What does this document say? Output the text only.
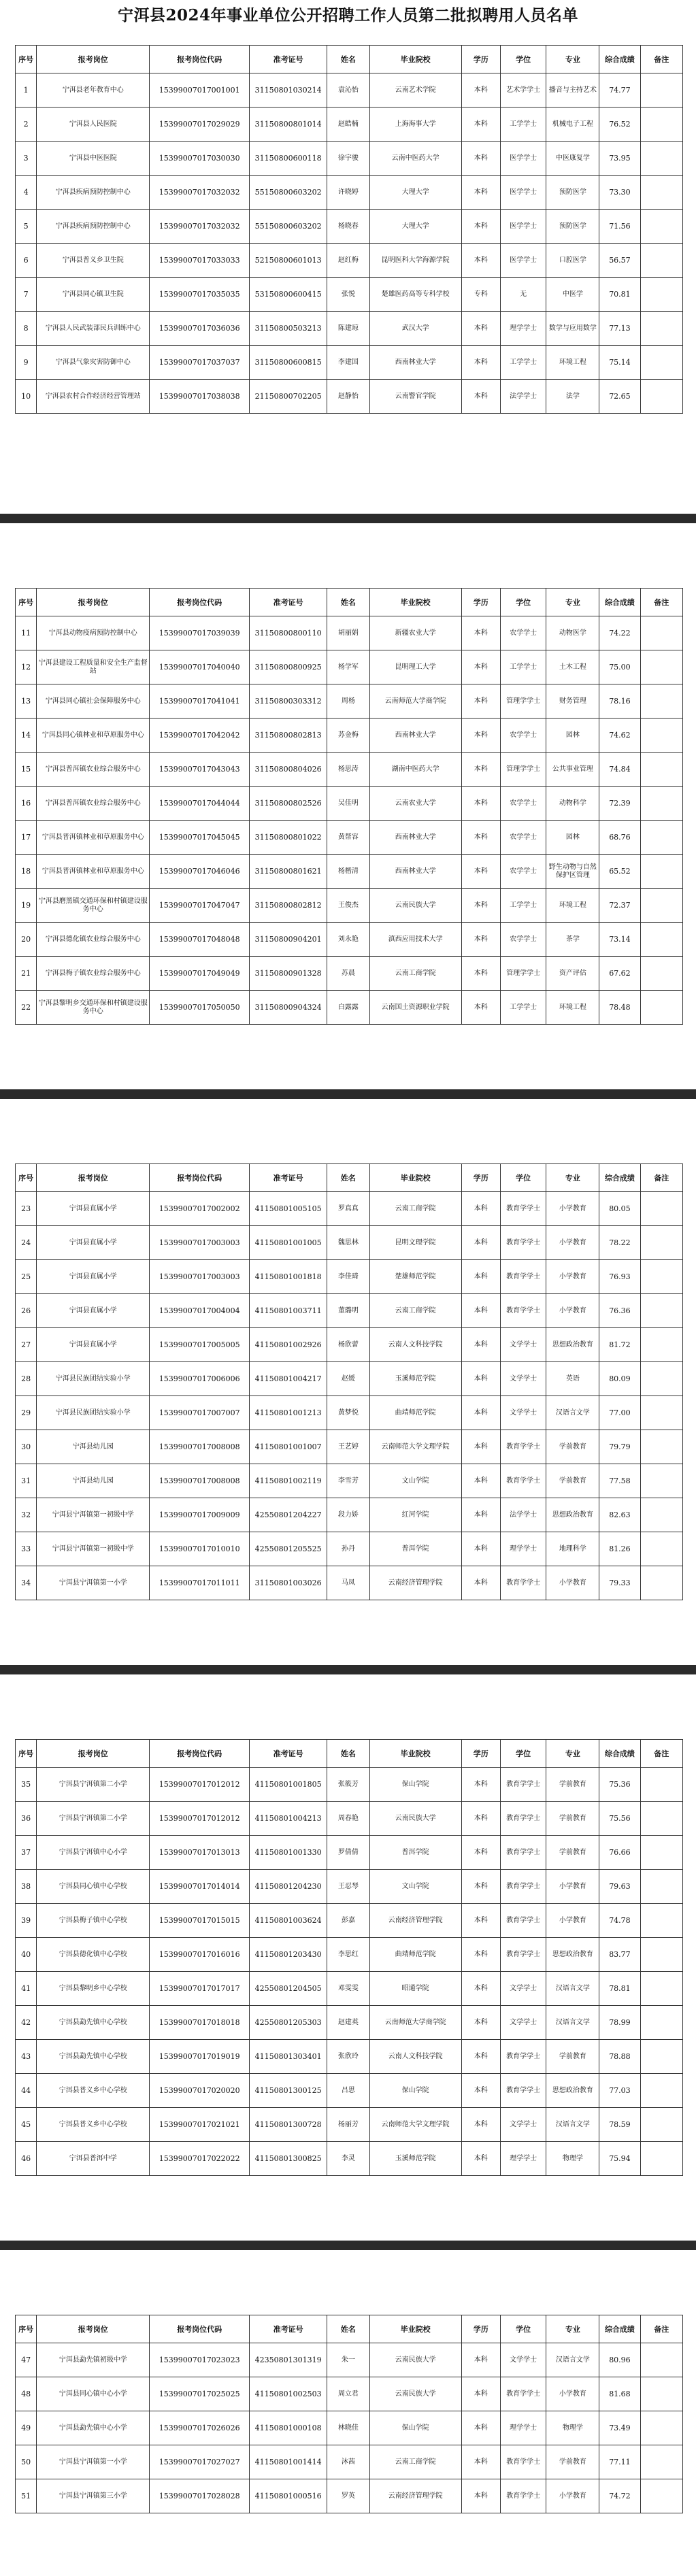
宁洱县2024年事业单位公开招聘工作人员第二批拟聘用人员名单
序号	报考岗位	报考岗位代码	准考证号	姓名	毕业院校	学历	学位	专业	综合成绩	备注
1	宁洱县老年教育中心	15399007017001001	31150801030214	袁沁怡	云南艺术学院	本科	艺术学学士	播音与主持艺术	74.77	
2	宁洱县人民医院	15399007017029029	31150800801014	赵皓楠	上海海事大学	本科	工学学士	机械电子工程	76.52	
3	宁洱县中医医院	15399007017030030	31150800600118	徐宇骏	云南中医药大学	本科	医学学士	中医康复学	73.95	
4	宁洱县疾病预防控制中心	15399007017032032	55150800603202	许晓婷	大理大学	本科	医学学士	预防医学	73.30	
5	宁洱县疾病预防控制中心	15399007017032032	55150800603202	杨晓春	大理大学	本科	医学学士	预防医学	71.56	
6	宁洱县普义乡卫生院	15399007017033033	52150800601013	赵红梅	昆明医科大学海源学院	本科	医学学士	口腔医学	56.57	
7	宁洱县同心镇卫生院	15399007017035035	53150800600415	张悦	楚雄医药高等专科学校	专科	无	中医学	70.81	
8	宁洱县人民武装部民兵训练中心	15399007017036036	31150800503213	陈建琼	武汉大学	本科	理学学士	数学与应用数学	77.13	
9	宁洱县气象灾害防御中心	15399007017037037	31150800600815	李建国	西南林业大学	本科	工学学士	环境工程	75.14	
10	宁洱县农村合作经济经营管理站	15399007017038038	21150800702205	赵静怡	云南警官学院	本科	法学学士	法学	72.65	
序号	报考岗位	报考岗位代码	准考证号	姓名	毕业院校	学历	学位	专业	综合成绩	备注
11	宁洱县动物疫病预防控制中心	15399007017039039	31150800800110	胡丽娟	新疆农业大学	本科	农学学士	动物医学	74.22	
12	宁洱县建设工程质量和安全生产监督站	15399007017040040	31150800800925	杨学军	昆明理工大学	本科	工学学士	土木工程	75.00	
13	宁洱县同心镇社会保障服务中心	15399007017041041	31150800303312	周杨	云南师范大学商学院	本科	管理学学士	财务管理	78.16	
14	宁洱县同心镇林业和草原服务中心	15399007017042042	31150800802813	苏金梅	西南林业大学	本科	农学学士	园林	74.62	
15	宁洱县普洱镇农业综合服务中心	15399007017043043	31150800804026	杨思涛	湖南中医药大学	本科	管理学学士	公共事业管理	74.84	
16	宁洱县普洱镇农业综合服务中心	15399007017044044	31150800802526	吴佳明	云南农业大学	本科	农学学士	动物科学	72.39	
17	宁洱县普洱镇林业和草原服务中心	15399007017045045	31150800801022	黄帮容	西南林业大学	本科	农学学士	园林	68.76	
18	宁洱县普洱镇林业和草原服务中心	15399007017046046	31150800801621	杨楷清	西南林业大学	本科	农学学士	野生动物与自然保护区管理	65.52	
19	宁洱县磨黑镇交通环保和村镇建设服务中心	15399007017047047	31150800802812	王俊杰	云南民族大学	本科	工学学士	环境工程	72.37	
20	宁洱县德化镇农业综合服务中心	15399007017048048	31150800904201	刘永艳	滇西应用技术大学	本科	农学学士	茶学	73.14	
21	宁洱县梅子镇农业综合服务中心	15399007017049049	31150800901328	苏晨	云南工商学院	本科	管理学学士	资产评估	67.62	
22	宁洱县黎明乡交通环保和村镇建设服务中心	15399007017050050	31150800904324	白露露	云南国土资源职业学院	本科	工学学士	环境工程	78.48	
序号	报考岗位	报考岗位代码	准考证号	姓名	毕业院校	学历	学位	专业	综合成绩	备注
23	宁洱县直属小学	15399007017002002	41150801005105	罗真真	云南工商学院	本科	教育学学士	小学教育	80.05	
24	宁洱县直属小学	15399007017003003	41150801001005	魏思林	昆明文理学院	本科	教育学学士	小学教育	78.22	
25	宁洱县直属小学	15399007017003003	41150801001818	李佳琦	楚雄师范学院	本科	教育学学士	小学教育	76.93	
26	宁洱县直属小学	15399007017004004	41150801003711	董璐明	云南工商学院	本科	教育学学士	小学教育	76.36	
27	宁洱县直属小学	15399007017005005	41150801002926	杨欣蕾	云南人文科技学院	本科	文学学士	思想政治教育	81.72	
28	宁洱县民族团结实验小学	15399007017006006	41150801004217	赵媛	玉溪师范学院	本科	文学学士	英语	80.09	
29	宁洱县民族团结实验小学	15399007017007007	41150801001213	黄梦悦	曲靖师范学院	本科	文学学士	汉语言文学	77.00	
30	宁洱县幼儿园	15399007017008008	41150801001007	王艺婷	云南师范大学文理学院	本科	教育学学士	学前教育	79.79	
31	宁洱县幼儿园	15399007017008008	41150801002119	李雪芳	文山学院	本科	教育学学士	学前教育	77.58	
32	宁洱县宁洱镇第一初级中学	15399007017009009	42550801204227	段力娇	红河学院	本科	法学学士	思想政治教育	82.63	
33	宁洱县宁洱镇第一初级中学	15399007017010010	42550801205525	孙丹	普洱学院	本科	理学学士	地理科学	81.26	
34	宁洱县宁洱镇第一小学	15399007017011011	31150801003026	马凤	云南经济管理学院	本科	教育学学士	小学教育	79.33	
序号	报考岗位	报考岗位代码	准考证号	姓名	毕业院校	学历	学位	专业	综合成绩	备注
35	宁洱县宁洱镇第二小学	15399007017012012	41150801001805	张筱芳	保山学院	本科	教育学学士	学前教育	75.36	
36	宁洱县宁洱镇第二小学	15399007017012012	41150801004213	周春艳	云南民族大学	本科	教育学学士	学前教育	75.56	
37	宁洱县宁洱镇中心小学	15399007017013013	41150801001330	罗倩倩	普洱学院	本科	教育学学士	学前教育	76.66	
38	宁洱县同心镇中心学校	15399007017014014	41150801204230	王忍琴	文山学院	本科	教育学学士	小学教育	79.63	
39	宁洱县梅子镇中心学校	15399007017015015	41150801003624	彭嘉	云南经济管理学院	本科	教育学学士	小学教育	74.78	
40	宁洱县德化镇中心学校	15399007017016016	41150801203430	李思红	曲靖师范学院	本科	教育学学士	思想政治教育	83.77	
41	宁洱县黎明乡中心学校	15399007017017017	42550801204505	邓雯雯	昭通学院	本科	文学学士	汉语言文学	78.81	
42	宁洱县勐先镇中心学校	15399007017018018	42550801205303	赵建英	云南师范大学商学院	本科	文学学士	汉语言文学	78.99	
43	宁洱县勐先镇中心学校	15399007017019019	41150801303401	张欣玲	云南人文科技学院	本科	教育学学士	学前教育	78.88	
44	宁洱县普义乡中心学校	15399007017020020	41150801300125	吕思	保山学院	本科	教育学学士	思想政治教育	77.03	
45	宁洱县普义乡中心学校	15399007017021021	41150801300728	杨丽芳	云南师范大学文理学院	本科	文学学士	汉语言文学	78.59	
46	宁洱县普洱中学	15399007017022022	41150801300825	李灵	玉溪师范学院	本科	理学学士	物理学	75.94	
序号	报考岗位	报考岗位代码	准考证号	姓名	毕业院校	学历	学位	专业	综合成绩	备注
47	宁洱县勐先镇初级中学	15399007017023023	42350801301319	朱一	云南民族大学	本科	文学学士	汉语言文学	80.96	
48	宁洱县同心镇中心小学	15399007017025025	41150801002503	周立君	云南民族大学	本科	教育学学士	小学教育	81.68	
49	宁洱县勐先镇中心小学	15399007017026026	41150801000108	林晓佳	保山学院	本科	理学学士	物理学	73.49	
50	宁洱县宁洱镇第一小学	15399007017027027	41150801001414	沐茜	云南工商学院	本科	教育学学士	学前教育	77.11	
51	宁洱县宁洱镇第三小学	15399007017028028	41150801000516	罗英	云南经济管理学院	本科	教育学学士	小学教育	74.72	
